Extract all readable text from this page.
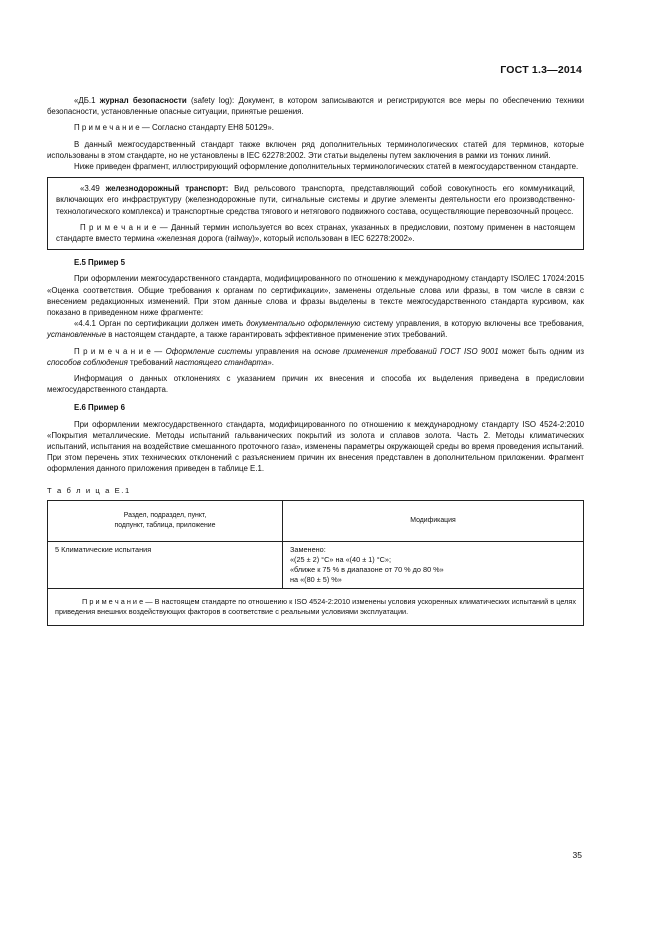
ГОСТ 1.3—2014

«ДБ.1 журнал безопасности (safety log): Документ, в котором записываются и регистрируются все меры по обеспечению техники безопасности, установленные опасные ситуации, принятые решения.

П р и м е ч а н и е — Согласно стандарту ЕН8 50129».

В данный межгосударственный стандарт также включен ряд дополнительных терминологических статей для терминов, которые использованы в этом стандарте, но не установлены в IEC 62278:2002. Эти статьи выделены путем заключения в рамки из тонких линий.

Ниже приведен фрагмент, иллюстрирующий оформление дополнительных терминологических статей в межгосударственном стандарте.

«3.49 железнодорожный транспорт: Вид рельсового транспорта, представляющий собой совокупность его коммуникаций, включающих его инфраструктуру (железнодорожные пути, сигнальные системы и другие элементы деятельности его производственно-технологического комплекса) и транспортные средства тягового и нетягового подвижного состава, осуществляющие перевозочный процесс.

П р и м е ч а н и е — Данный термин используется во всех странах, указанных в предисловии, поэтому применен в настоящем стандарте вместо термина «железная дорога (railway)», который использован в IEC 62278:2002».

Е.5 Пример 5

При оформлении межгосударственного стандарта, модифицированного по отношению к международному стандарту ISO/IEC 17024:2015 «Оценка соответствия. Общие требования к органам по сертификации», заменены отдельные слова или фразы, в том числе в связи с внесением редакционных изменений. При этом данные слова и фразы выделены в тексте межгосударственного стандарта курсивом, как показано в приведенном ниже фрагменте:

«4.4.1 Орган по сертификации должен иметь документально оформленную систему управления, в которую включены все требования, установленные в настоящем стандарте, а также гарантировать эффективное применение этих требований.

П р и м е ч а н и е — Оформление системы управления на основе применения требований ГОСТ ISO 9001 может быть одним из способов соблюдения требований настоящего стандарта».

Информация о данных отклонениях с указанием причин их внесения и способа их выделения приведена в предисловии межгосударственного стандарта.

Е.6 Пример 6

При оформлении межгосударственного стандарта, модифицированного по отношению к международному стандарту ISO 4524-2:2010 «Покрытия металлические. Методы испытаний гальванических покрытий из золота и сплавов золота. Часть 2. Методы климатических испытаний, испытания на воздействие смешанного проточного газа», изменены параметры окружающей среды во время проведения испытаний. При этом перечень этих технических отклонений с разъяснением причин их внесения представлен в дополнительном приложении. Фрагмент оформления данного приложения приведен в таблице Е.1.

Т а б л и ц а Е.1

Раздел, подраздел, пункт,
подпункт, таблица, приложение	Модификация
5 Климатические испытания	Заменено:
«(25 ± 2) °С» на «(40 ± 1) °С»;
«ближе к 75 % в диапазоне от 70 % до 80 %»
на «(80 ± 5) %»

П р и м е ч а н и е — В настоящем стандарте по отношению к ISO 4524-2:2010 изменены условия ускоренных климатических испытаний в целях приведения внешних воздействующих факторов в соответствие с реальными условиями эксплуатации.	
35
